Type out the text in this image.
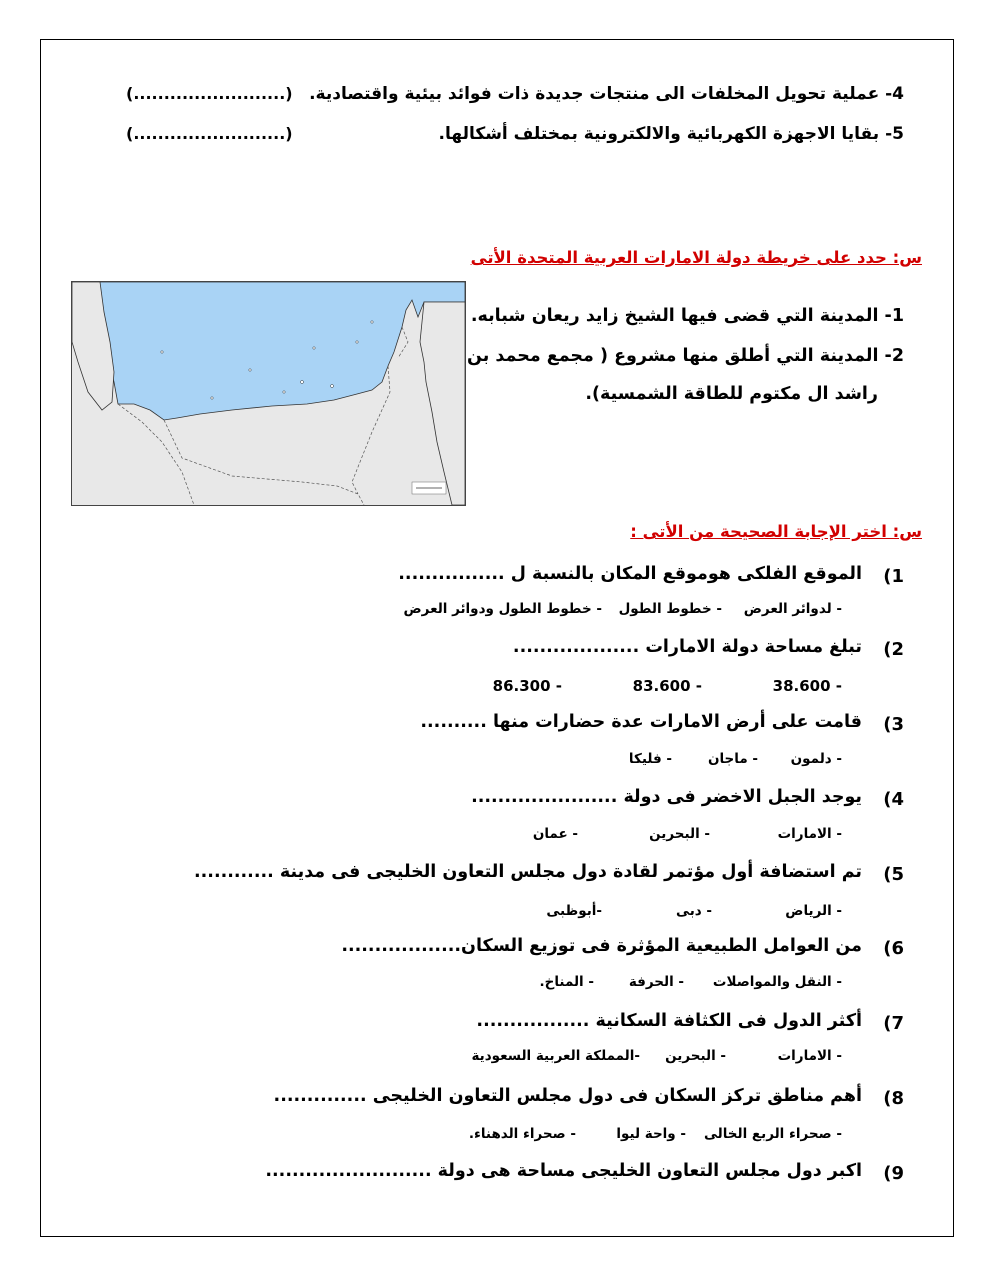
4- عملية تحويل المخلفات الى منتجات جديدة ذات فوائد بيئية واقتصادية.
(.........................)
5- بقايا الاجهزة الكهربائية والالكترونية بمختلف أشكالها.
(.........................)
س: حدد على خريطة دولة الامارات العربية المتحدة الأتى
1- المدينة التي قضى فيها الشيخ زايد ريعان شبابه.
2- المدينة التي أطلق منها مشروع ( مجمع محمد بن
راشد ال مكتوم للطاقة الشمسية).
س: اختر الإجابة الصحيحة من الأتى :
1)
الموقع الفلكى هوموقع المكان بالنسبة ل ................
- لدوائر العرض- خطوط الطول- خطوط الطول ودوائر العرض
2)
تبلغ مساحة دولة الامارات ...................
- 38.600- 83.600- 86.300
3)
قامت على أرض الامارات عدة حضارات منها ..........
- دلمون- ماجان- فليكا
4)
يوجد الجبل الاخضر فى دولة ......................
- الامارات- البحرين- عمان
5)
تم استضافة أول مؤتمر لقادة دول مجلس التعاون الخليجى فى مدينة ............
- الرياض- دبى-أبوظبى
6)
من العوامل الطبيعية المؤثرة فى توزيع السكان..................
- النقل والمواصلات- الحرفة- المناخ.
7)
أكثر الدول فى الكثافة السكانية .................
- الامارات- البحرين-المملكة العربية السعودية
8)
أهم مناطق تركز السكان فى دول مجلس التعاون الخليجى ..............
- صحراء الربع الخالى- واحة ليوا- صحراء الدهناء.
9)
اكبر دول مجلس التعاون الخليجى مساحة هى دولة .........................
